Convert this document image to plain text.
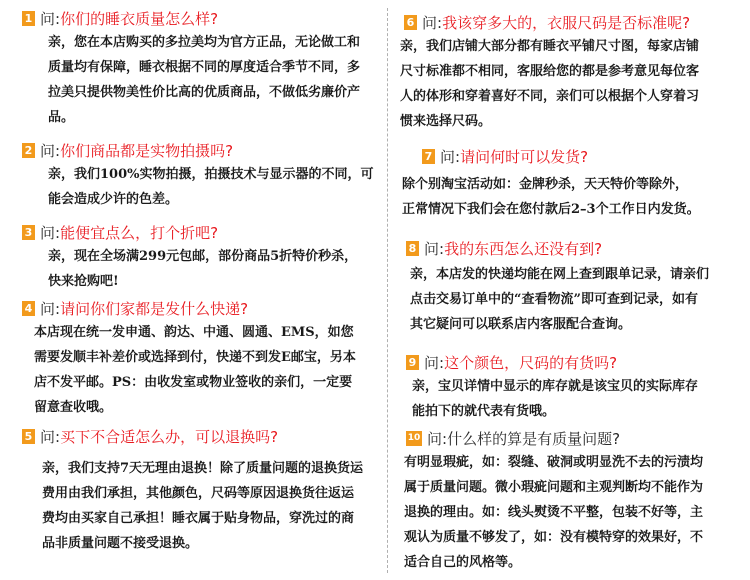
1 问:你们的睡衣质量怎么样?
亲，您在本店购买的多拉美均为官方正品，无论做工和
质量均有保障，睡衣根据不同的厚度适合季节不同，多
拉美只提供物美性价比高的优质商品，不做低劣廉价产
品。
2 问:你们商品都是实物拍摄吗?
亲，我们100%实物拍摄，拍摄技术与显示器的不同，可
能会造成少许的色差。
3 问:能便宜点么，打个折吧?
亲，现在全场满299元包邮，部份商品5折特价秒杀，
快来抢购吧!
4 问:请问你们家都是发什么快递?
本店现在统一发申通、韵达、中通、圆通、EMS，如您
需要发顺丰补差价或选择到付，快递不到发E邮宝，另本
店不发平邮。PS：由收发室或物业签收的亲们，一定要
留意查收哦。
5 问:买下不合适怎么办，可以退换吗?
亲，我们支持7天无理由退换！除了质量问题的退换货运
费用由我们承担，其他颜色，尺码等原因退换货往返运
费均由买家自己承担！睡衣属于贴身物品，穿洗过的商
品非质量问题不接受退换。
6 问:我该穿多大的，衣服尺码是否标准呢?
亲，我们店铺大部分都有睡衣平铺尺寸图，每家店铺
尺寸标准都不相同，客服给您的都是参考意见每位客
人的体形和穿着喜好不同，亲们可以根据个人穿着习
惯来选择尺码。
7 问:请问何时可以发货?
除个别淘宝活动如：金牌秒杀，天天特价等除外，
正常情况下我们会在您付款后2–3个工作日内发货。
8 问:我的东西怎么还没有到?
亲，本店发的快递均能在网上查到跟单记录，请亲们
点击交易订单中的“查看物流”即可查到记录，如有
其它疑问可以联系店内客服配合查询。
9 问:这个颜色，尺码的有货吗?
亲，宝贝详情中显示的库存就是该宝贝的实际库存
能拍下的就代表有货哦。
10 问:什么样的算是有质量问题?
有明显瑕疵，如：裂缝、破洞或明显洗不去的污渍均
属于质量问题。微小瑕疵问题和主观判断均不能作为
退换的理由。如：线头熨烫不平整，包装不好等，主
观认为质量不够发了，如：没有模特穿的效果好，不
适合自己的风格等。
